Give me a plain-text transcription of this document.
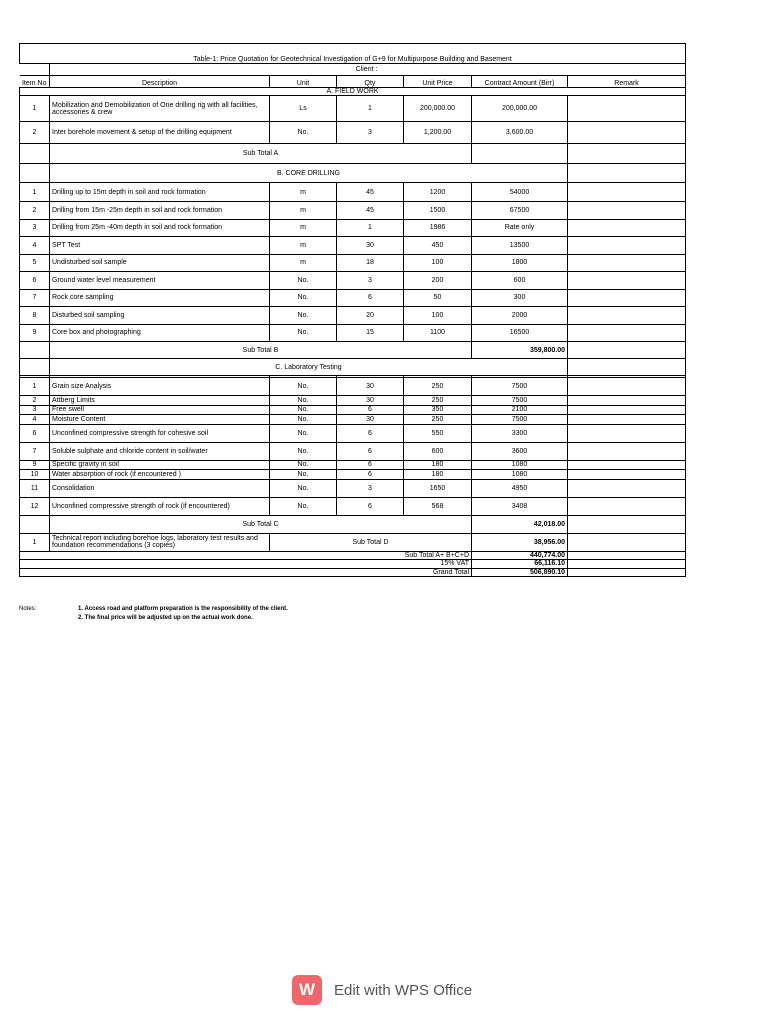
Table-1: Price Quotation for Geotechnical Investigation of G+9 for Multipurpose Building and Basement						
	Client :					
Item No	Description	Unit	Qty	Unit Price	Contract Amount (Birr)	Remark
A. FIELD WORK						
1	Mobilization and Demobilization of One drilling rig with all facilities, accessories & crew	Ls	1	200,000.00	200,000.00	
2	Inter borehole movement & setup of the drilling equipment	No.	3	1,200.00	3,600.00	
	Sub Total A					
	B. CORE DRILLING					
1	Drilling up to 15m depth in soil and rock formation	m	45	1200	54000	
2	Drilling from 15m -25m depth in soil and rock formation	m	45	1500	67500	
3	Drilling from 25m -40m depth in soil and rock formation	m	1	1986	Rate only	
4	SPT Test	m	30	450	13500	
5	Undisturbed soil sample	m	18	100	1800	
6	Ground water level measurement	No.	3	200	600	
7	Rock core sampling	No.	6	50	300	
8	Disturbed soil sampling	No.	20	100	2000	
9	Core box and photographing	No.	15	1100	16500	
	Sub Total B				359,800.00	
	C. Laboratory Testing					

1	Grain size Analysis	No.	30	250	7500	
2	Attberg Limits	No.	30	250	7500	
3	Free swell	No.	6	350	2100	
4	Moisture Content	No.	30	250	7500	
6	Unconfined compressive strength for cohesive soil	No.	6	550	3300	
7	Soluble sulphate and chloride content in soil/water	No.	6	600	3600	
9	Specific gravity in soil	No.	6	180	1080	
10	Water absorption of rock (if encountered )	No.	6	180	1080	
11	Consolidation	No.	3	1650	4950	
12	Unconfined compressive strength of rock (if encountered)	No.	6	568	3408	
	Sub Total C				42,018.00	
1	Technical report including borehoe logs, laboratory test results and foundation recommendations (3 copies)	Sub Total D			38,956.00	
Sub Total A+ B+C+D					440,774.00	
15% VAT					66,116.10	
Grand Total					506,890.10	
Notes:	1. Access road and platform preparation is the responsibility of the client.
2. The final price will be adjusted up on the actual work done.
W	Edit with WPS Office
